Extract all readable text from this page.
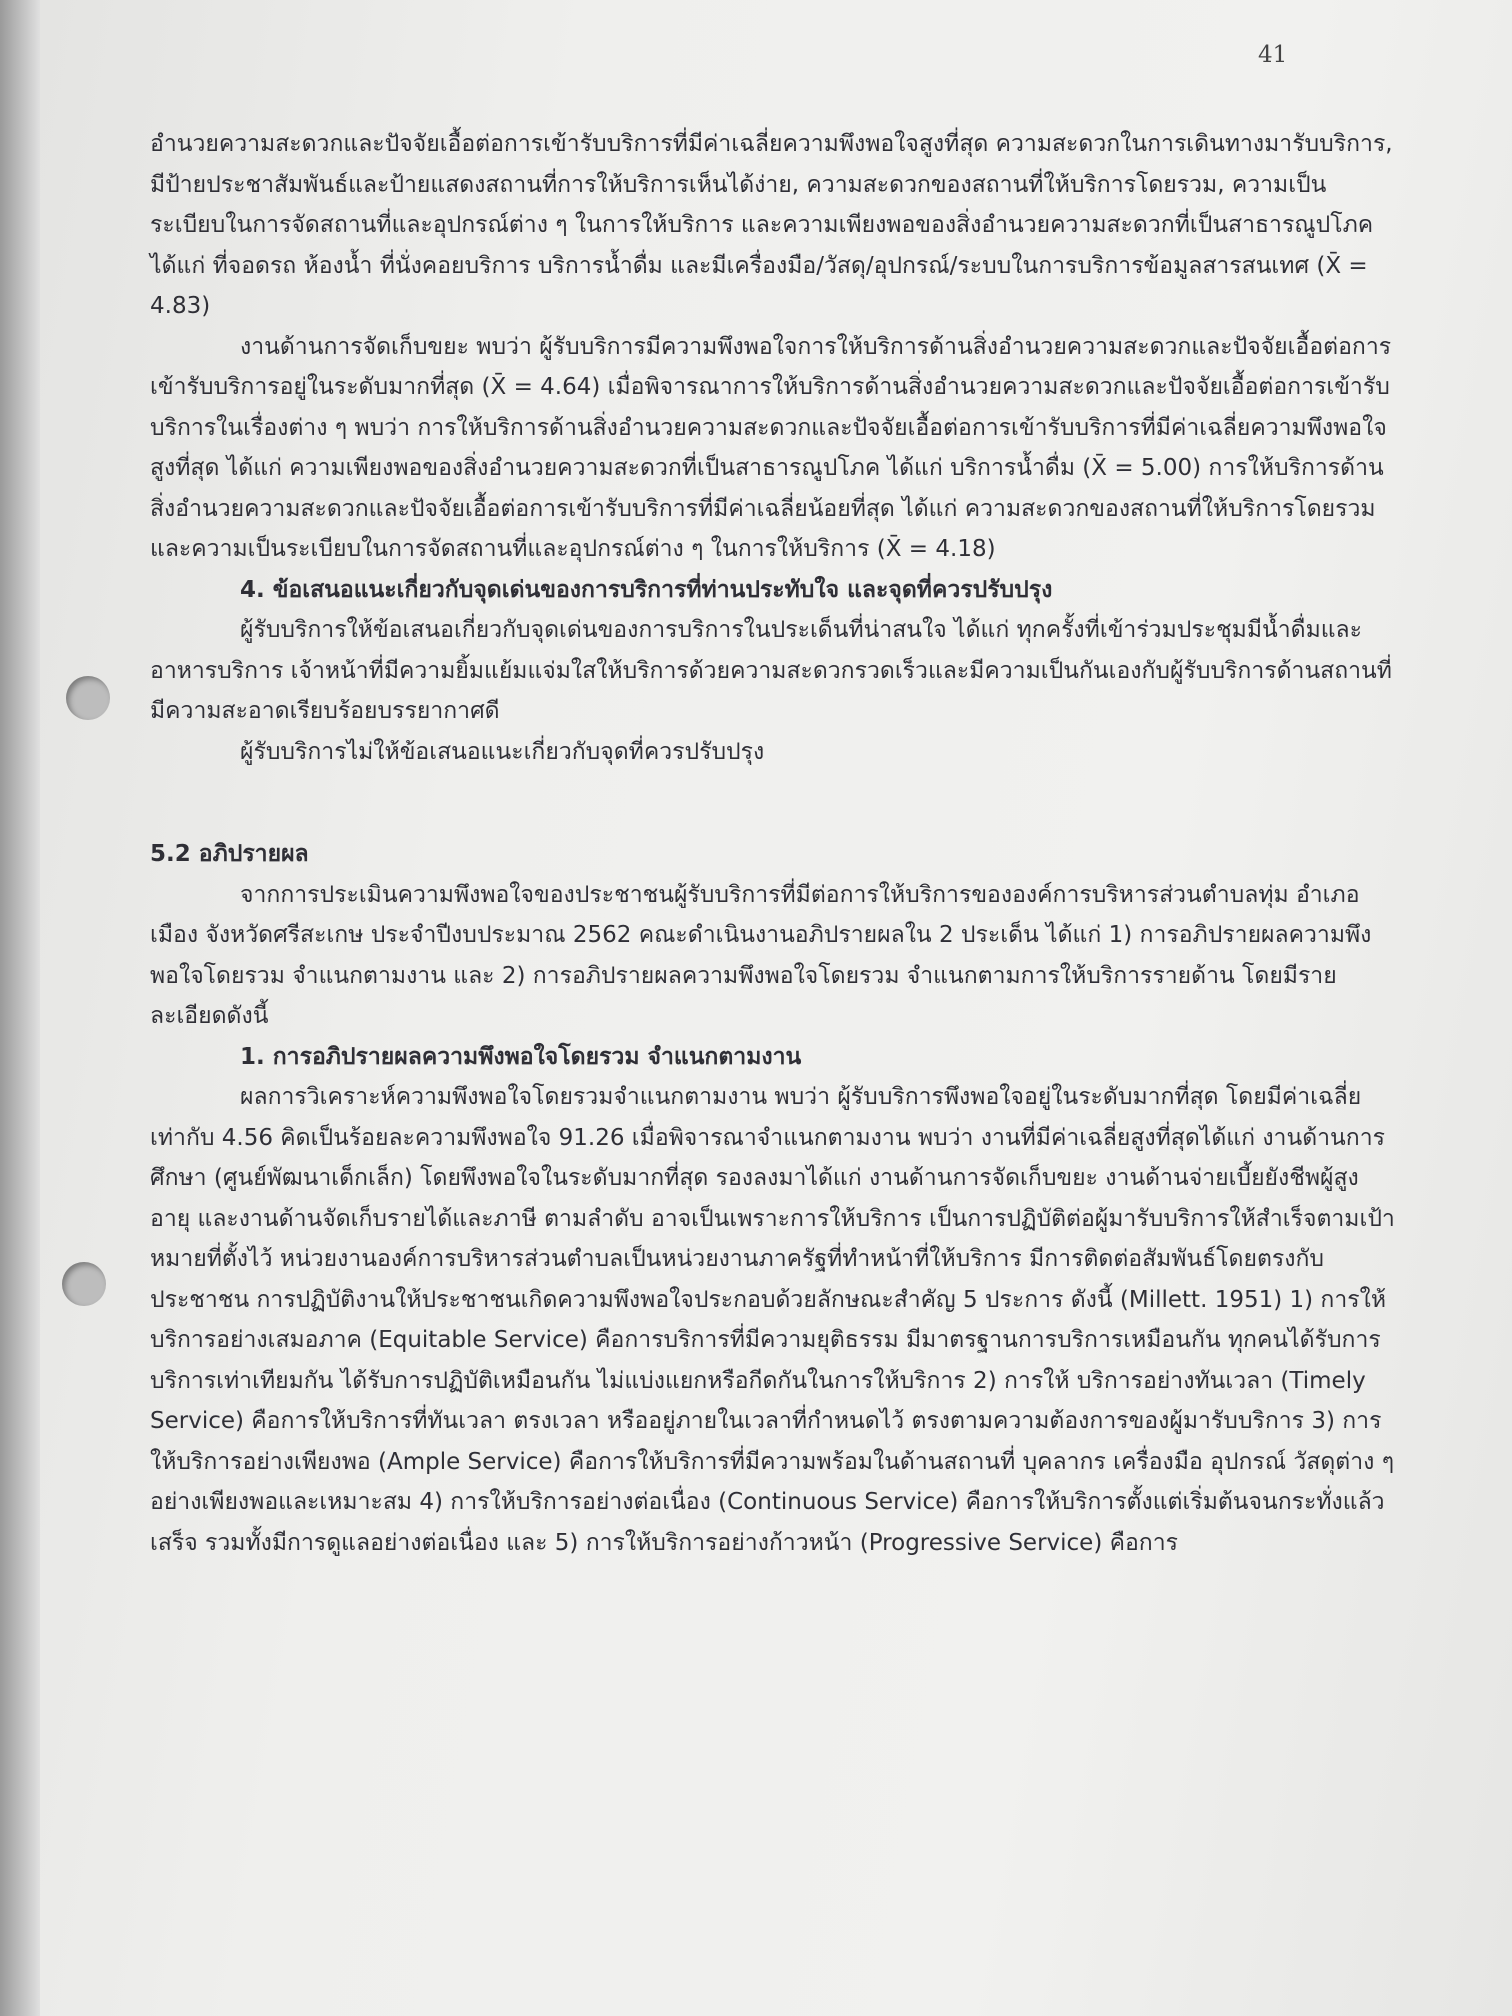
41

อำนวยความสะดวกและปัจจัยเอื้อต่อการเข้ารับบริการที่มีค่าเฉลี่ยความพึงพอใจสูงที่สุด ความสะดวกในการเดินทางมารับบริการ, มีป้ายประชาสัมพันธ์และป้ายแสดงสถานที่การให้บริการเห็นได้ง่าย, ความสะดวกของสถานที่ให้บริการโดยรวม, ความเป็นระเบียบในการจัดสถานที่และอุปกรณ์ต่าง ๆ ในการให้บริการ และความเพียงพอของสิ่งอำนวยความสะดวกที่เป็นสาธารณูปโภค ได้แก่ ที่จอดรถ ห้องน้ำ ที่นั่งคอยบริการ บริการน้ำดื่ม และมีเครื่องมือ/วัสดุ/อุปกรณ์/ระบบในการบริการข้อมูลสารสนเทศ (X̄ = 4.83)

งานด้านการจัดเก็บขยะ พบว่า ผู้รับบริการมีความพึงพอใจการให้บริการด้านสิ่งอำนวยความสะดวกและปัจจัยเอื้อต่อการเข้ารับบริการอยู่ในระดับมากที่สุด (X̄ = 4.64) เมื่อพิจารณาการให้บริการด้านสิ่งอำนวยความสะดวกและปัจจัยเอื้อต่อการเข้ารับบริการในเรื่องต่าง ๆ พบว่า การให้บริการด้านสิ่งอำนวยความสะดวกและปัจจัยเอื้อต่อการเข้ารับบริการที่มีค่าเฉลี่ยความพึงพอใจสูงที่สุด ได้แก่ ความเพียงพอของสิ่งอำนวยความสะดวกที่เป็นสาธารณูปโภค ได้แก่ บริการน้ำดื่ม (X̄ = 5.00) การให้บริการด้านสิ่งอำนวยความสะดวกและปัจจัยเอื้อต่อการเข้ารับบริการที่มีค่าเฉลี่ยน้อยที่สุด ได้แก่ ความสะดวกของสถานที่ให้บริการโดยรวม และความเป็นระเบียบในการจัดสถานที่และอุปกรณ์ต่าง ๆ ในการให้บริการ (X̄ = 4.18)

4. ข้อเสนอแนะเกี่ยวกับจุดเด่นของการบริการที่ท่านประทับใจ และจุดที่ควรปรับปรุง

ผู้รับบริการให้ข้อเสนอเกี่ยวกับจุดเด่นของการบริการในประเด็นที่น่าสนใจ ได้แก่ ทุกครั้งที่เข้าร่วมประชุมมีน้ำดื่มและอาหารบริการ เจ้าหน้าที่มีความยิ้มแย้มแจ่มใสให้บริการด้วยความสะดวกรวดเร็วและมีความเป็นกันเองกับผู้รับบริการด้านสถานที่มีความสะอาดเรียบร้อยบรรยากาศดี

ผู้รับบริการไม่ให้ข้อเสนอแนะเกี่ยวกับจุดที่ควรปรับปรุง

5.2 อภิปรายผล

จากการประเมินความพึงพอใจของประชาชนผู้รับบริการที่มีต่อการให้บริการขององค์การบริหารส่วนตำบลทุ่ม อำเภอเมือง จังหวัดศรีสะเกษ ประจำปีงบประมาณ 2562 คณะดำเนินงานอภิปรายผลใน 2 ประเด็น ได้แก่ 1) การอภิปรายผลความพึงพอใจโดยรวม จำแนกตามงาน และ 2) การอภิปรายผลความพึงพอใจโดยรวม จำแนกตามการให้บริการรายด้าน โดยมีรายละเอียดดังนี้

1. การอภิปรายผลความพึงพอใจโดยรวม จำแนกตามงาน

ผลการวิเคราะห์ความพึงพอใจโดยรวมจำแนกตามงาน พบว่า ผู้รับบริการพึงพอใจอยู่ในระดับมากที่สุด โดยมีค่าเฉลี่ยเท่ากับ 4.56 คิดเป็นร้อยละความพึงพอใจ 91.26 เมื่อพิจารณาจำแนกตามงาน พบว่า งานที่มีค่าเฉลี่ยสูงที่สุดได้แก่ งานด้านการศึกษา (ศูนย์พัฒนาเด็กเล็ก) โดยพึงพอใจในระดับมากที่สุด รองลงมาได้แก่ งานด้านการจัดเก็บขยะ งานด้านจ่ายเบี้ยยังชีพผู้สูงอายุ และงานด้านจัดเก็บรายได้และภาษี ตามลำดับ อาจเป็นเพราะการให้บริการ เป็นการปฏิบัติต่อผู้มารับบริการให้สำเร็จตามเป้าหมายที่ตั้งไว้ หน่วยงานองค์การบริหารส่วนตำบลเป็นหน่วยงานภาครัฐที่ทำหน้าที่ให้บริการ มีการติดต่อสัมพันธ์โดยตรงกับประชาชน การปฏิบัติงานให้ประชาชนเกิดความพึงพอใจประกอบด้วยลักษณะสำคัญ 5 ประการ ดังนี้ (Millett. 1951) 1) การให้บริการอย่างเสมอภาค (Equitable Service) คือการบริการที่มีความยุติธรรม มีมาตรฐานการบริการเหมือนกัน ทุกคนได้รับการบริการเท่าเทียมกัน ได้รับการปฏิบัติเหมือนกัน ไม่แบ่งแยกหรือกีดกันในการให้บริการ 2) การให้ บริการอย่างทันเวลา (Timely Service) คือการให้บริการที่ทันเวลา ตรงเวลา หรืออยู่ภายในเวลาที่กำหนดไว้ ตรงตามความต้องการของผู้มารับบริการ 3) การให้บริการอย่างเพียงพอ (Ample Service) คือการให้บริการที่มีความพร้อมในด้านสถานที่ บุคลากร เครื่องมือ อุปกรณ์ วัสดุต่าง ๆ อย่างเพียงพอและเหมาะสม 4) การให้บริการอย่างต่อเนื่อง (Continuous Service) คือการให้บริการตั้งแต่เริ่มต้นจนกระทั่งแล้วเสร็จ รวมทั้งมีการดูแลอย่างต่อเนื่อง และ 5) การให้บริการอย่างก้าวหน้า (Progressive Service) คือการ
